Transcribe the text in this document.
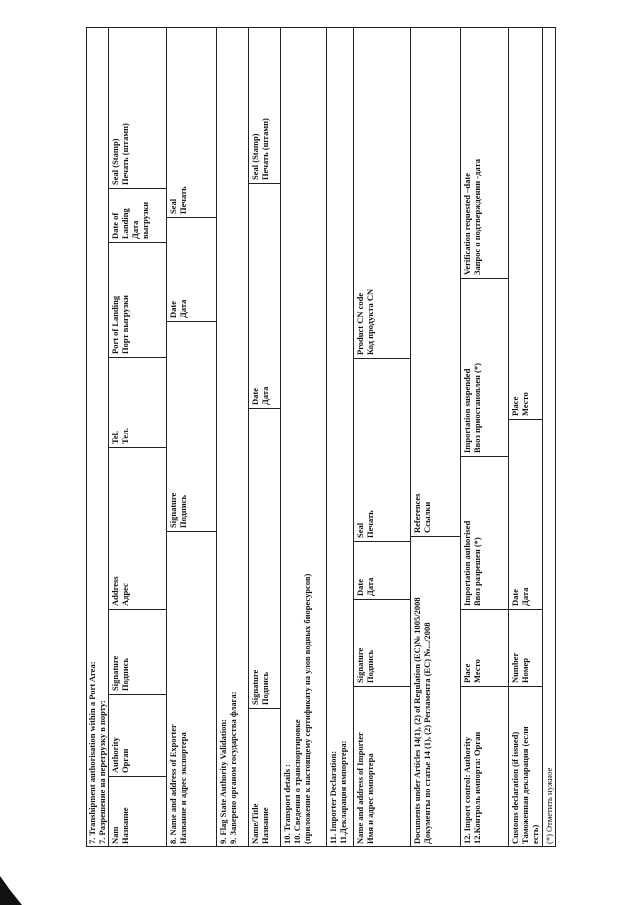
7. Transhipment authorisation within a Port Area: 7. Разрешение на перегрузку в порту: Nam Название
Authority Орган
Signature Подпись
Address Адрес
Tel. Тел.
Port of Landing Порт выгрузки
Date of Landing Дата выгрузки
Seal (Stamp) Печать (штамп)
8. Name and address of Exporter Название и адрес экспортера
Signature Подпись
Date Дата
Seal Печать
9. Flag State Authority Validation: 9. Заверено органом государства флага: Name/Title Название
Signature Подпись
Date Дата
Seal (Stamp) Печать (штамп)
10. Transport details : 10. Сведения о транспортировке (приложение к настоящему сертификату на улов водных биоресурсов) 11. Importer Declaration: 11.Декларация импортера: Name and address of Importer Имя и адрес импортера
Signature Подпись
Date Дата
Seal Печать
Product CN code Код продукта CN
Documents under Articles 14(1), (2) of Regulation (EC)№ 1005/2008 Документы по статье 14 (1), (2) Регламента (ЕС) №.../2008
References Ссылки
12. Import control: Authority 12.Контроль импорта: Орган
Place Место
Importation authorised Ввоз разрешен (*)
Importation suspended Ввоз приостановлен (*)
Verification requested –date Запрос о подтверждении -дата
Customs declaration (if issued) Таможенная декларация (если есть)
Number Номер
Date Дата
Place Место
(*) Отметить нужное
